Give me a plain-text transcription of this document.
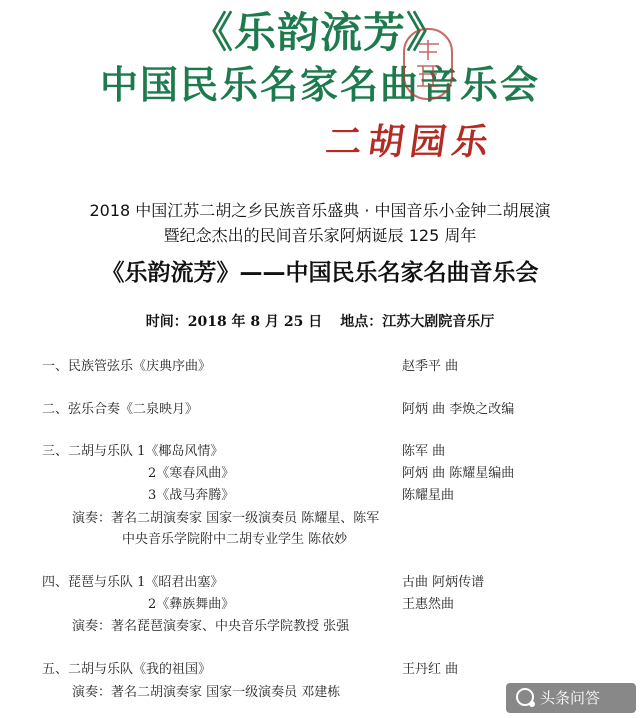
《乐韵流芳》
中国民乐名家名曲音乐会
二胡园乐
2018 中国江苏二胡之乡民族音乐盛典 · 中国音乐小金钟二胡展演
暨纪念杰出的民间音乐家阿炳诞辰 125 周年
《乐韵流芳》——中国民乐名家名曲音乐会
时间：2018 年 8 月 25 日 地点：江苏大剧院音乐厅
一、民族管弦乐《庆典序曲》	赵季平 曲
二、弦乐合奏《二泉映月》	阿炳 曲 李焕之改编
三、二胡与乐队 1《椰岛风情》	陈军 曲
2《寒春风曲》	阿炳 曲 陈耀星编曲
3《战马奔腾》	陈耀星曲
演奏：著名二胡演奏家 国家一级演奏员 陈耀星、陈军
中央音乐学院附中二胡专业学生 陈依妙
四、琵琶与乐队 1《昭君出塞》	古曲 阿炳传谱
2《彝族舞曲》	王惠然曲
演奏：著名琵琶演奏家、中央音乐学院教授 张强
五、二胡与乐队《我的祖国》	王丹红 曲
演奏：著名二胡演奏家 国家一级演奏员 邓建栋	头条问答
